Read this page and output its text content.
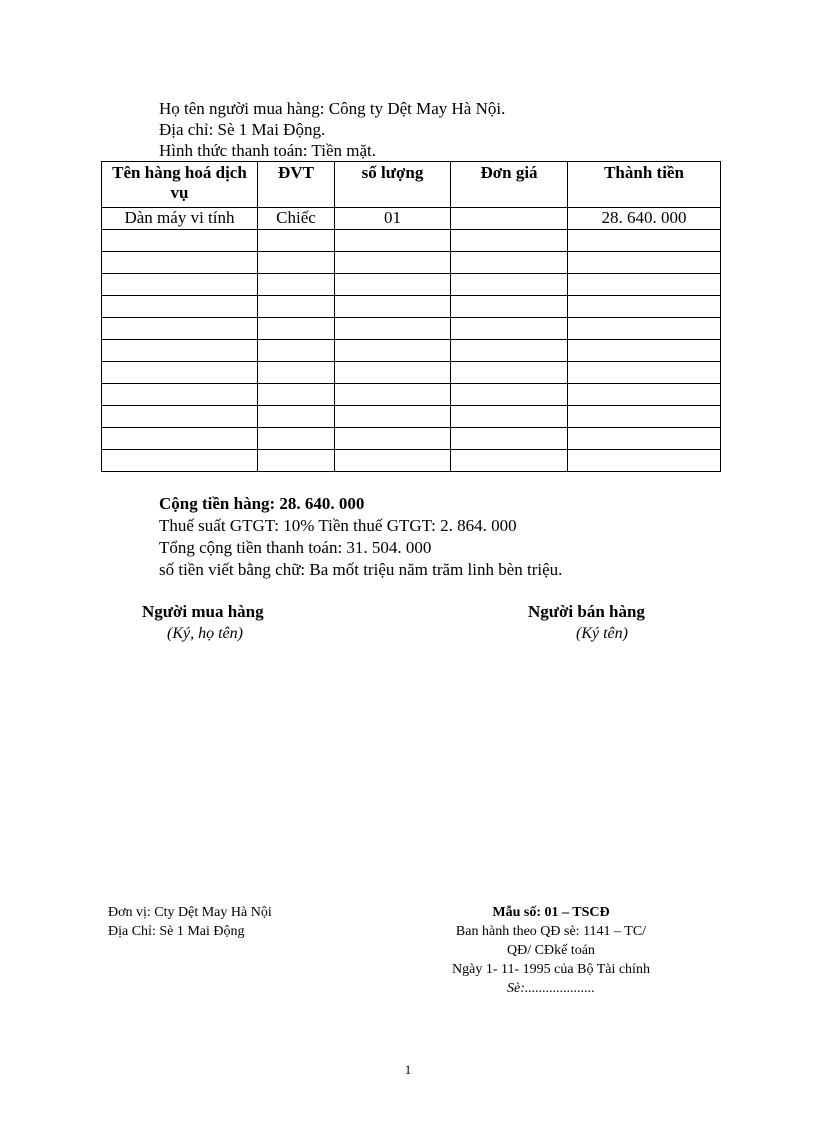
Họ tên người mua hàng: Công ty Dệt May Hà Nội.
Địa chỉ: Sè 1 Mai Động.
Hình thức thanh toán: Tiền mặt.
Tên hàng hoá dịch vụ	ĐVT	số lượng	Đơn giá	Thành tiền
Dàn máy vi tính	Chiếc	01		28. 640. 000

Cộng tiền hàng: 28. 640. 000
Thuế suất GTGT: 10% Tiền thuế GTGT: 2. 864. 000
Tổng cộng tiền thanh toán: 31. 504. 000
số tiền viết bằng chữ: Ba mốt triệu năm trăm linh bèn triệu.
Người mua hàng
(Ký, họ tên)
Người bán hàng
(Ký tên)
Đơn vị: Cty Dệt May Hà Nội
Địa Chỉ: Sè 1 Mai Động
Mẫu số: 01 – TSCĐ
Ban hành theo QĐ sè: 1141 – TC/
QĐ/ CĐkế toán
Ngày 1- 11- 1995 của Bộ Tài chính
Sè:....................
1
